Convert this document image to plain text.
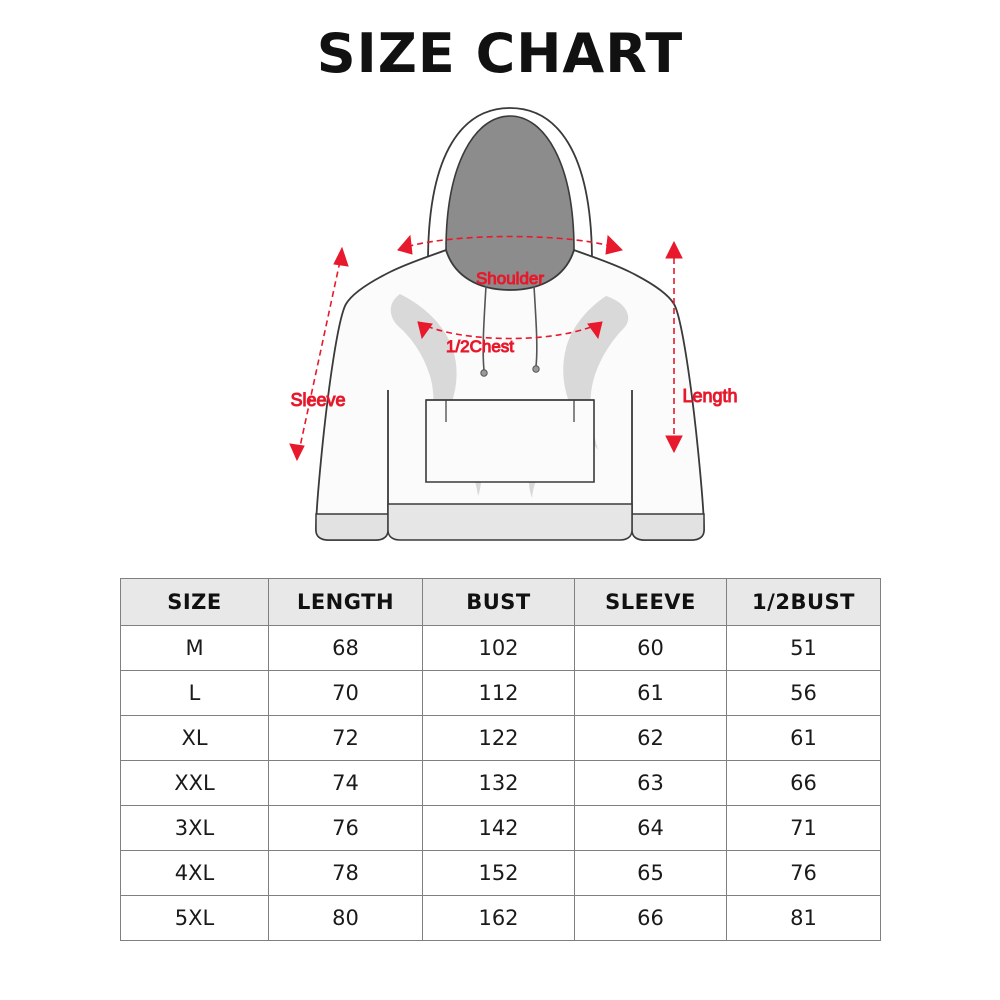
SIZE CHART
Shoulder
1/2Chest
Sleeve	Length
SIZE	LENGTH	BUST	SLEEVE	1/2BUST
M	68	102	60	51
L	70	112	61	56
XL	72	122	62	61
XXL	74	132	63	66
3XL	76	142	64	71
4XL	78	152	65	76
5XL	80	162	66	81
